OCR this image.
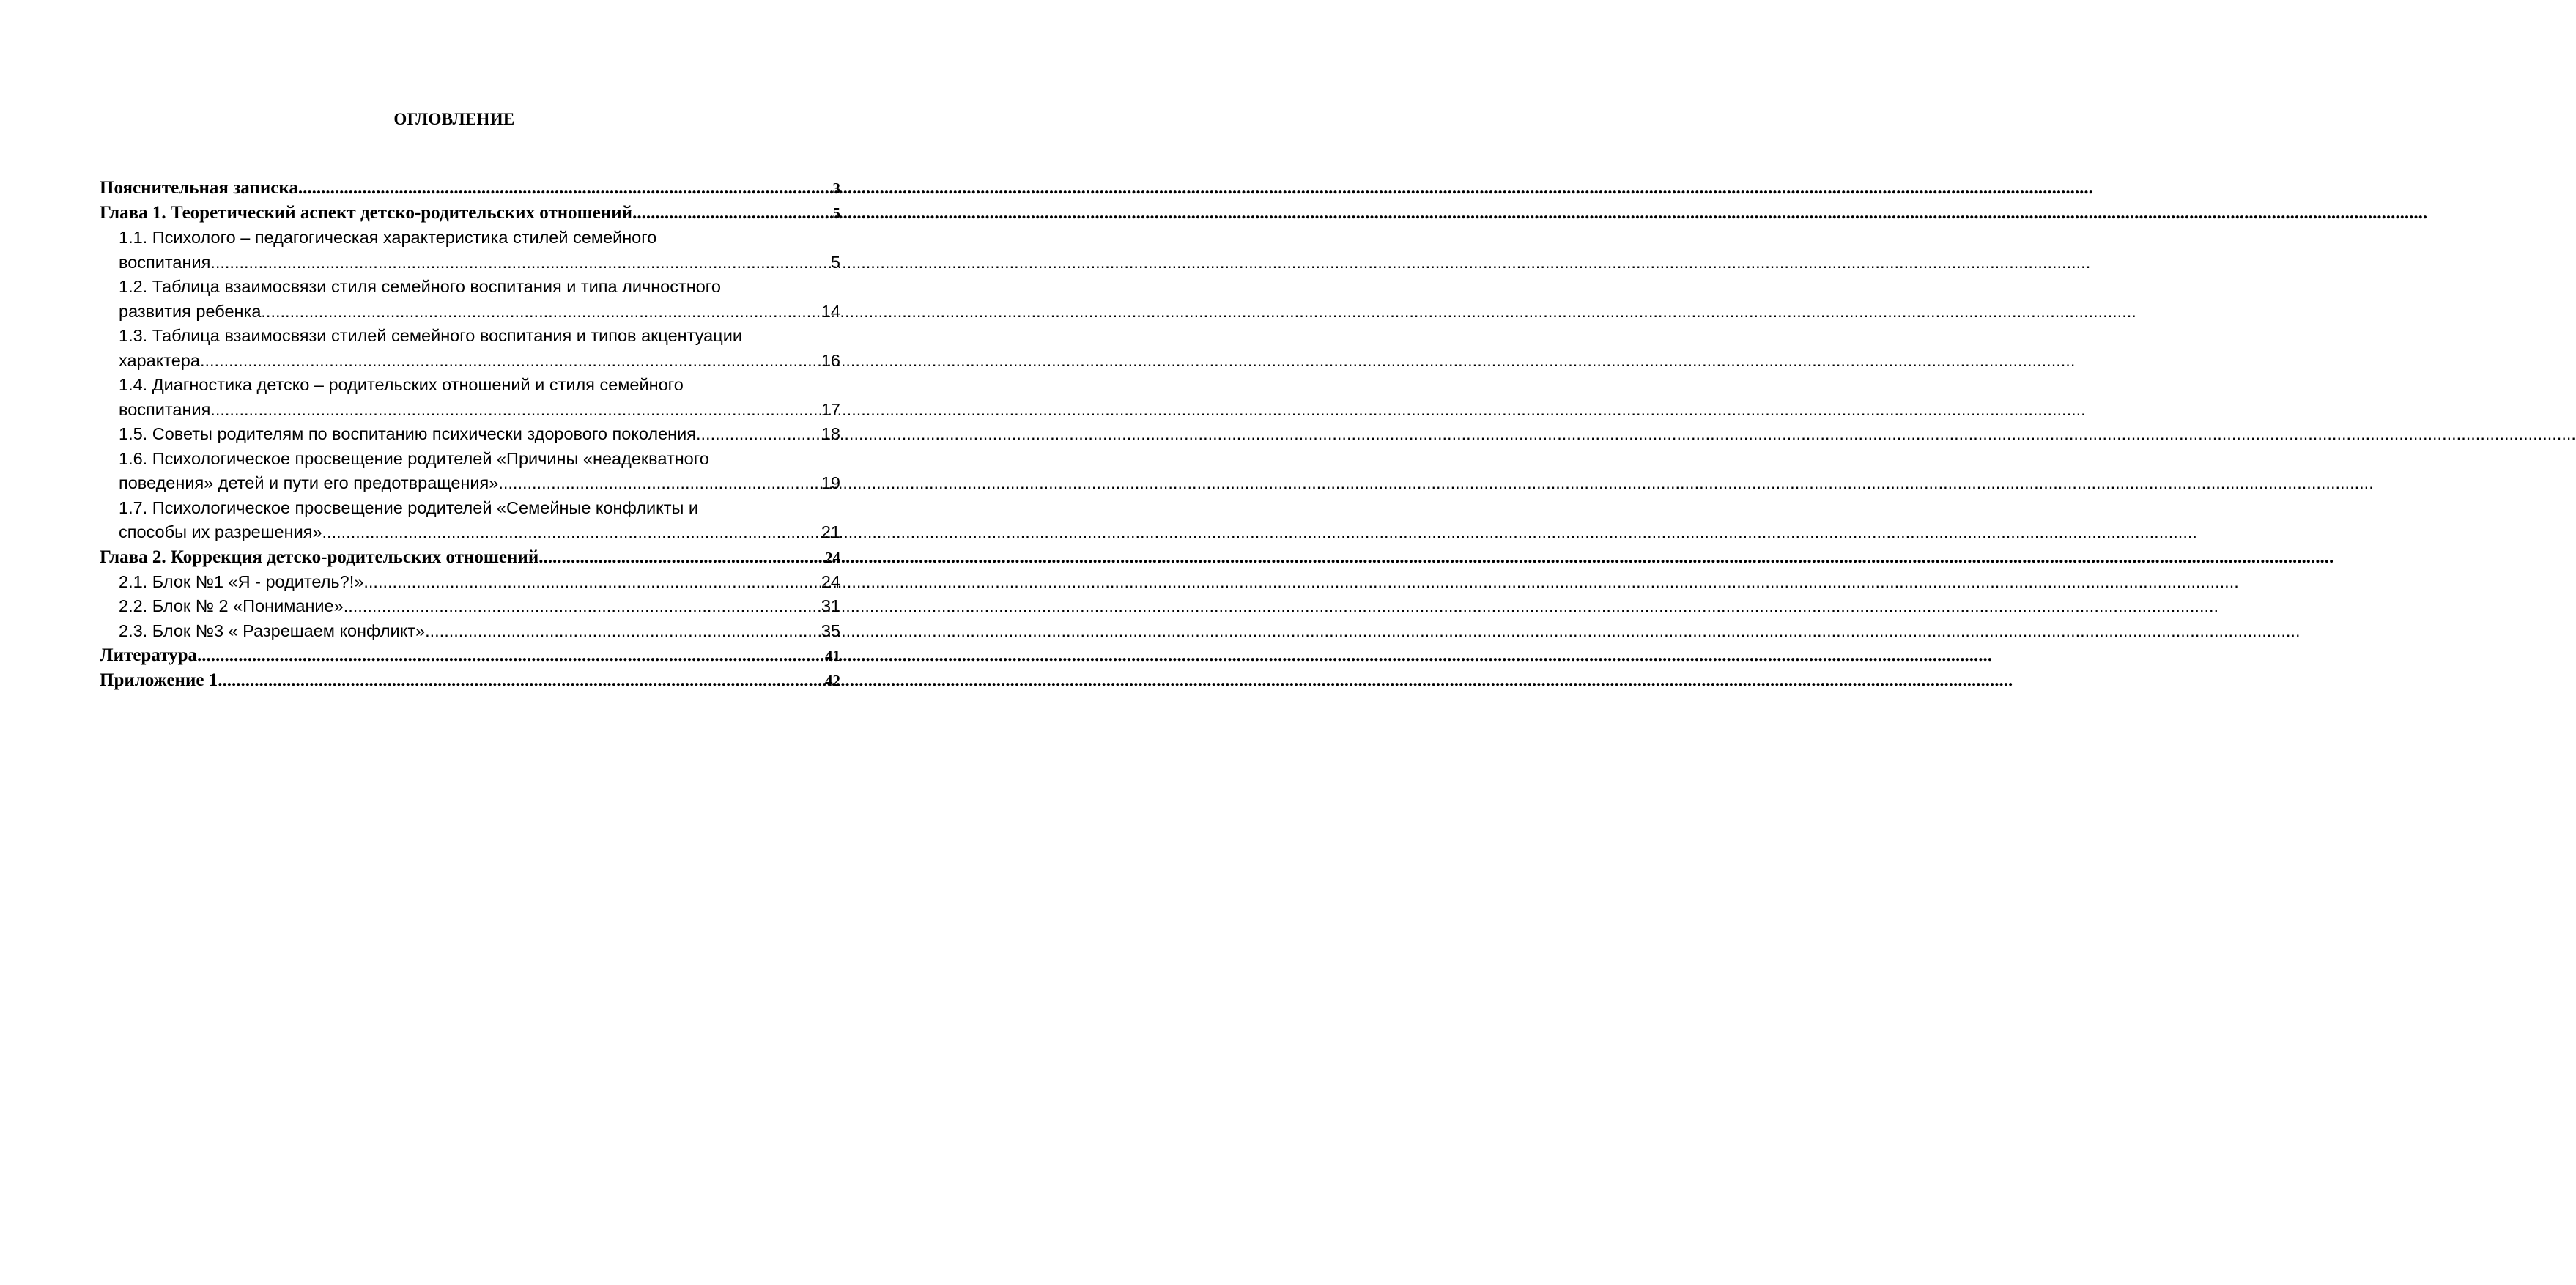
ОГЛОВЛЕНИЕ
Пояснительная записка .....	3
Глава 1. Теоретический аспект детско-родительских отношений .....	5
1.1. Психолого – педагогическая характеристика стилей семейного
воспитания. .....	5
1.2. Таблица взаимосвязи стиля семейного воспитания и типа личностного
развития ребенка .....	14
1.3. Таблица взаимосвязи стилей семейного воспитания и типов акцентуации
характера .....	16
1.4. Диагностика детско – родительских отношений и стиля семейного
воспитания .....	17
1.5. Советы родителям по воспитанию психически здорового поколения. .....	18
1.6. Психологическое просвещение родителей «Причины «неадекватного
поведения» детей и пути его предотвращения» .....	19
1.7. Психологическое просвещение родителей «Семейные конфликты и
способы их разрешения» .....	21
Глава 2. Коррекция детско-родительских отношений .....	24
2.1. Блок №1 «Я - родитель?!» .....	24
2.2. Блок № 2 «Понимание» .....	31
2.3. Блок №3 « Разрешаем конфликт» .....	35
Литература .....	41
Приложение 1 .....	42
